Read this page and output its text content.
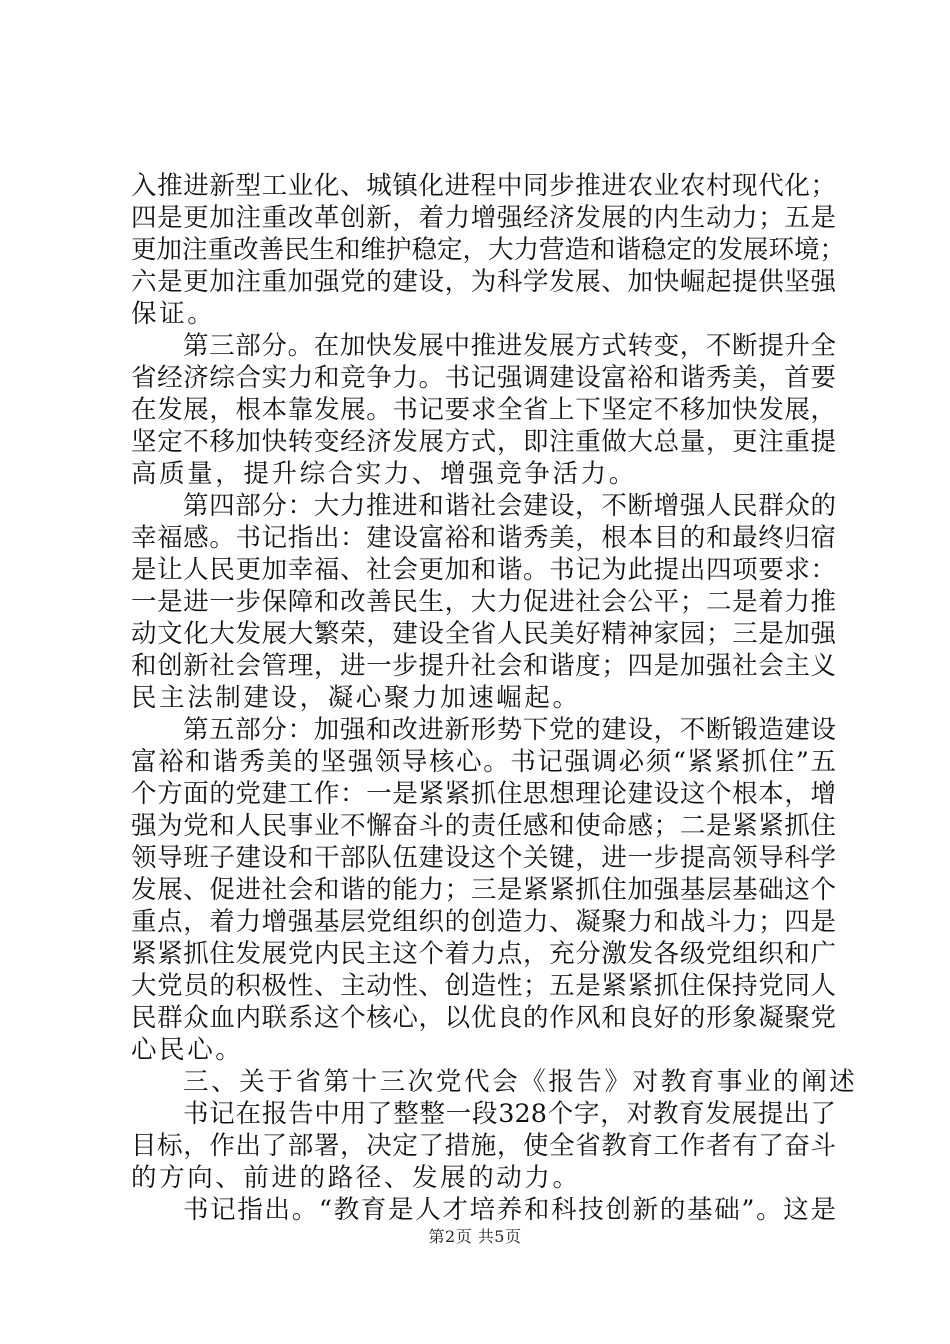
入推进新型工业化、城镇化进程中同步推进农业农村现代化；
四是更加注重改革创新，着力增强经济发展的内生动力；五是
更加注重改善民生和维护稳定，大力营造和谐稳定的发展环境；
六是更加注重加强党的建设，为科学发展、加快崛起提供坚强
保证。
第三部分。在加快发展中推进发展方式转变，不断提升全
省经济综合实力和竞争力。书记强调建设富裕和谐秀美，首要
在发展，根本靠发展。书记要求全省上下坚定不移加快发展，
坚定不移加快转变经济发展方式，即注重做大总量，更注重提
高质量，提升综合实力、增强竞争活力。
第四部分：大力推进和谐社会建设，不断增强人民群众的
幸福感。书记指出：建设富裕和谐秀美，根本目的和最终归宿
是让人民更加幸福、社会更加和谐。书记为此提出四项要求：
一是进一步保障和改善民生，大力促进社会公平；二是着力推
动文化大发展大繁荣，建设全省人民美好精神家园；三是加强
和创新社会管理，进一步提升社会和谐度；四是加强社会主义
民主法制建设，凝心聚力加速崛起。
第五部分：加强和改进新形势下党的建设，不断锻造建设
富裕和谐秀美的坚强领导核心。书记强调必须“紧紧抓住”五
个方面的党建工作：一是紧紧抓住思想理论建设这个根本，增
强为党和人民事业不懈奋斗的责任感和使命感；二是紧紧抓住
领导班子建设和干部队伍建设这个关键，进一步提高领导科学
发展、促进社会和谐的能力；三是紧紧抓住加强基层基础这个
重点，着力增强基层党组织的创造力、凝聚力和战斗力；四是
紧紧抓住发展党内民主这个着力点，充分激发各级党组织和广
大党员的积极性、主动性、创造性；五是紧紧抓住保持党同人
民群众血内联系这个核心，以优良的作风和良好的形象凝聚党
心民心。
三、关于省第十三次党代会《报告》对教育事业的阐述
书记在报告中用了整整一段328个字，对教育发展提出了
目标，作出了部署，决定了措施，使全省教育工作者有了奋斗
的方向、前进的路径、发展的动力。
书记指出。“教育是人才培养和科技创新的基础”。这是
第2页 共5页
